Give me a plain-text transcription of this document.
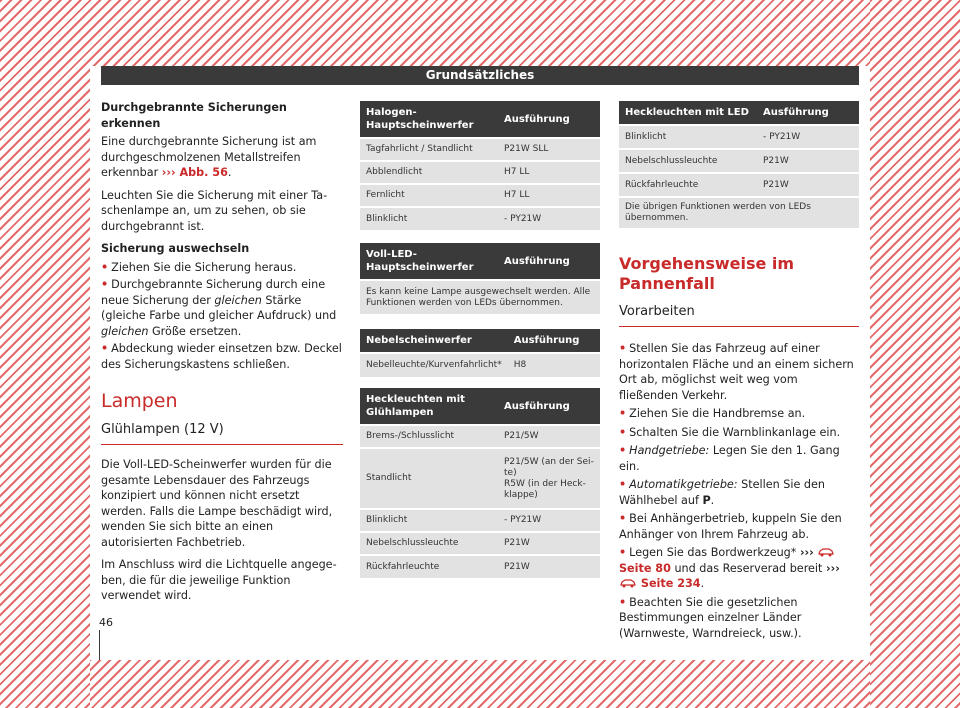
Grundsätzliches

Durchgebrannte Sicherungen erkennen

Eine durchgebrannte Sicherung ist am durchgeschmolzenen Metallstreifen erkennbar ››› Abb. 56.

Leuchten Sie die Sicherung mit einer Taschenlampe an, um zu sehen, ob sie durchgebrannt ist.

Sicherung auswechseln

• Ziehen Sie die Sicherung heraus.

• Durchgebrannte Sicherung durch eine neue Sicherung der gleichen Stärke (gleiche Farbe und gleicher Aufdruck) und gleichen Größe ersetzen.

• Abdeckung wieder einsetzen bzw. Deckel des Sicherungskastens schließen.

Lampen
Glühlampen (12 V)

Die Voll-LED-Scheinwerfer wurden für die gesamte Lebensdauer des Fahrzeugs konzipiert und können nicht ersetzt werden. Falls die Lampe beschädigt wird, wenden Sie sich bitte an einen autorisierten Fachbetrieb.

Im Anschluss wird die Lichtquelle angegeben, die für die jeweilige Funktion verwendet wird.

Halogen-Hauptscheinwerfer	Ausführung
Tagfahrlicht / Standlicht	P21W SLL
Abblendlicht	H7 LL
Fernlicht	H7 LL
Blinklicht	- PY21W
Voll-LED-Hauptscheinwerfer	Ausführung
Es kann keine Lampe ausgewechselt werden. Alle Funktionen werden von LEDs übernommen.
Nebelscheinwerfer	Ausführung
Nebelleuchte/Kurvenfahrlicht*	H8
Heckleuchten mit Glühlampen	Ausführung
Brems-/Schlusslicht	P21/5W
Standlicht	P21/5W (an der Seite)
R5W (in der Heckklappe)
Blinklicht	- PY21W
Nebelschlussleuchte	P21W
Rückfahrleuchte	P21W
Heckleuchten mit LED	Ausführung
Blinklicht	- PY21W
Nebelschlussleuchte	P21W
Rückfahrleuchte	P21W
Die übrigen Funktionen werden von LEDs übernommen.	
Vorgehensweise im Pannenfall
Vorarbeiten

• Stellen Sie das Fahrzeug auf einer horizontalen Fläche und an einem sichern Ort ab, möglichst weit weg vom fließenden Verkehr.

• Ziehen Sie die Handbremse an.

• Schalten Sie die Warnblinkanlage ein.

• Handgetriebe: Legen Sie den 1. Gang ein.

• Automatikgetriebe: Stellen Sie den Wählhebel auf P.

• Bei Anhängerbetrieb, kuppeln Sie den Anhänger von Ihrem Fahrzeug ab.

• Legen Sie das Bordwerkzeug* ›››  Seite 80 und das Reserverad bereit ›››  Seite 234.

• Beachten Sie die gesetzlichen Bestimmungen einzelner Länder (Warnweste, Warndreieck, usw.).

46
